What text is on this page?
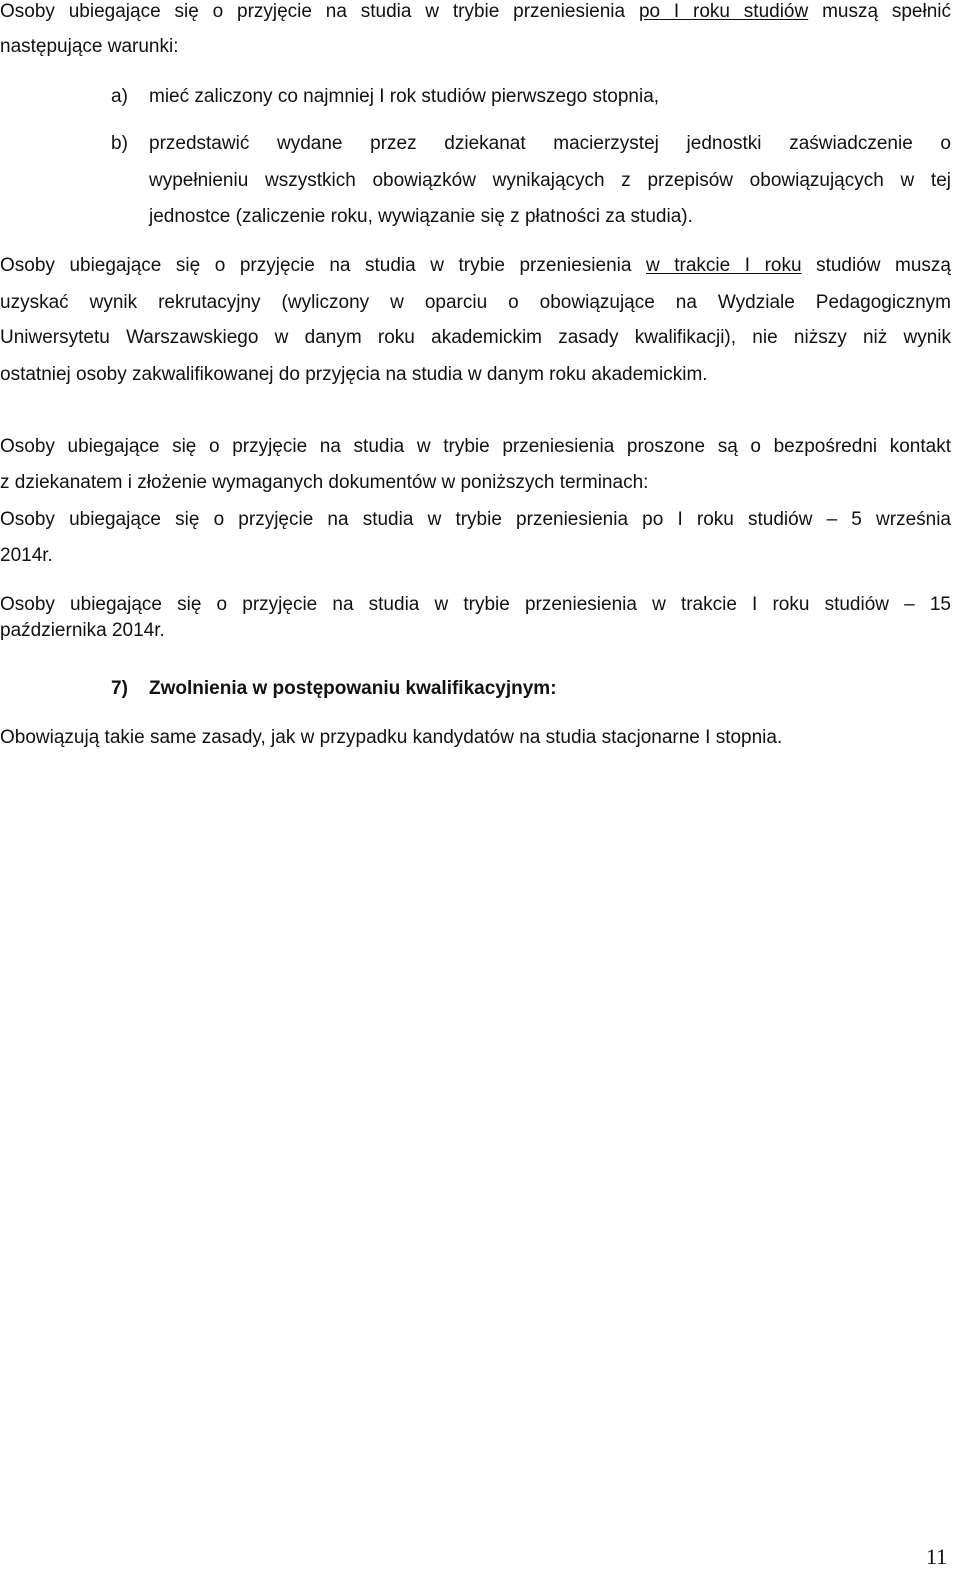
Osoby ubiegające się o przyjęcie na studia w trybie przeniesienia po I roku studiów muszą spełnić
następujące warunki:
a) mieć zaliczony co najmniej I rok studiów pierwszego stopnia,
b) przedstawić wydane przez dziekanat macierzystej jednostki zaświadczenie o
wypełnieniu wszystkich obowiązków wynikających z przepisów obowiązujących w tej
jednostce (zaliczenie roku, wywiązanie się z płatności za studia).
Osoby ubiegające się o przyjęcie na studia w trybie przeniesienia w trakcie I roku studiów muszą
uzyskać wynik rekrutacyjny (wyliczony w oparciu o obowiązujące na Wydziale Pedagogicznym
Uniwersytetu Warszawskiego w danym roku akademickim zasady kwalifikacji), nie niższy niż wynik
ostatniej osoby zakwalifikowanej do przyjęcia na studia w danym roku akademickim.
Osoby ubiegające się o przyjęcie na studia w trybie przeniesienia proszone są o bezpośredni kontakt
z dziekanatem i złożenie wymaganych dokumentów w poniższych terminach:
Osoby ubiegające się o przyjęcie na studia w trybie przeniesienia po I roku studiów – 5 września
2014r.
Osoby ubiegające się o przyjęcie na studia w trybie przeniesienia w trakcie I roku studiów – 15
października 2014r.
7) Zwolnienia w postępowaniu kwalifikacyjnym:
Obowiązują takie same zasady, jak w przypadku kandydatów na studia stacjonarne I stopnia.
11
